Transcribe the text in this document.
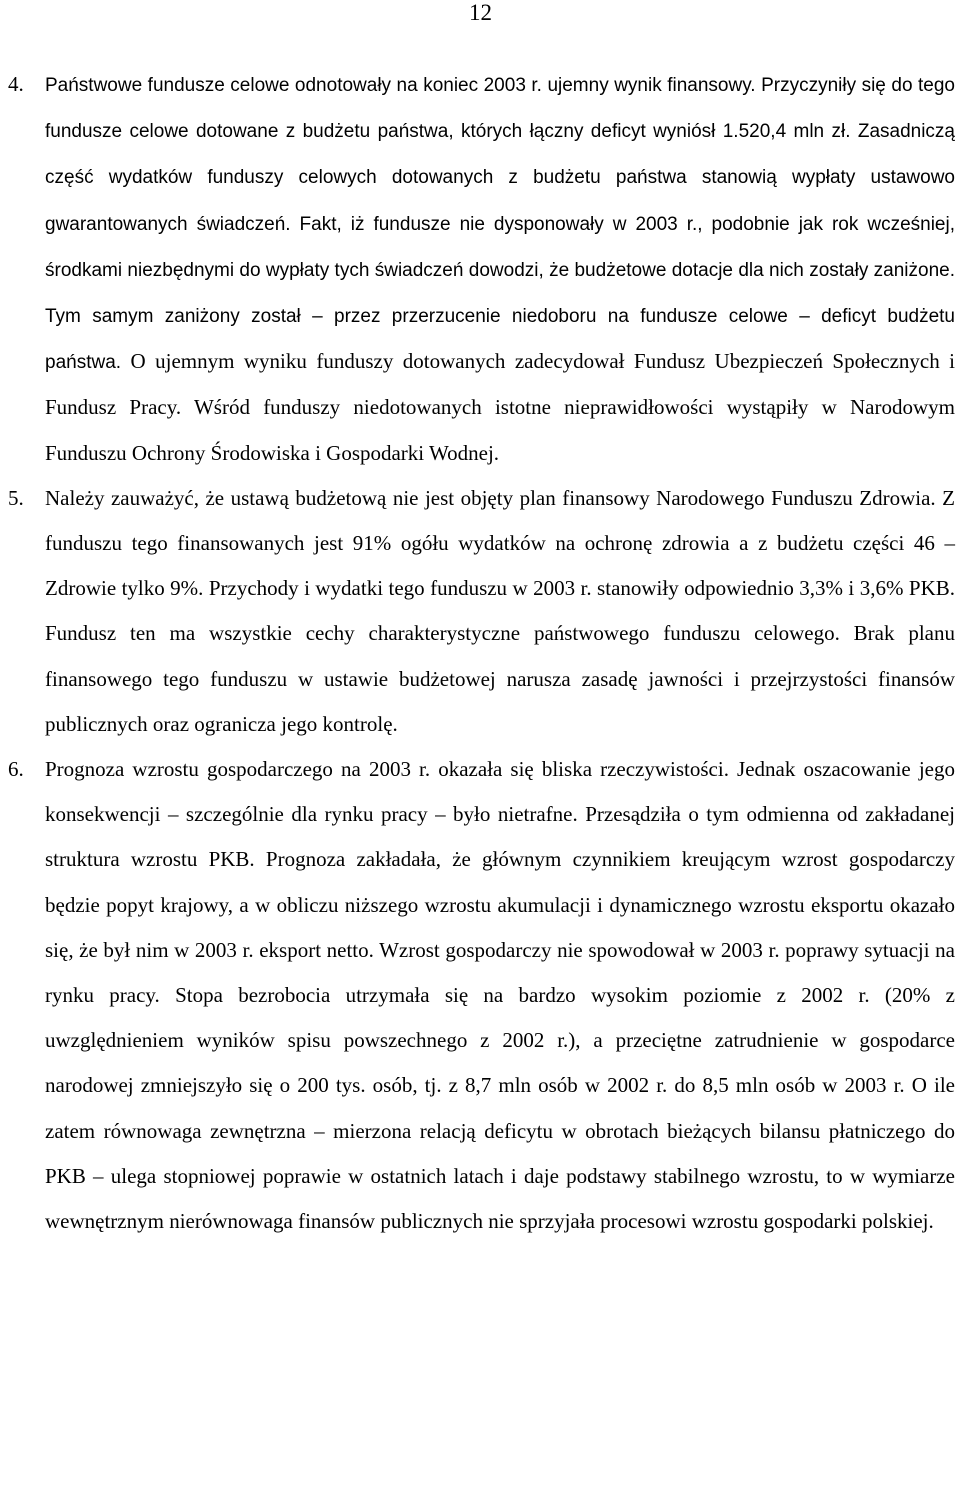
12
4. Państwowe fundusze celowe odnotowały na koniec 2003 r. ujemny wynik finansowy. Przyczyniły się do tego fundusze celowe dotowane z budżetu państwa, których łączny deficyt wyniósł 1.520,4 mln zł. Zasadniczą część wydatków funduszy celowych dotowanych z budżetu państwa stanowią wypłaty ustawowo gwarantowanych świadczeń. Fakt, iż fundusze nie dysponowały w 2003 r., podobnie jak rok wcześniej, środkami niezbędnymi do wypłaty tych świadczeń dowodzi, że budżetowe dotacje dla nich zostały zaniżone. Tym samym zaniżony został – przez przerzucenie niedoboru na fundusze celowe – deficyt budżetu państwa. O ujemnym wyniku funduszy dotowanych zadecydował Fundusz Ubezpieczeń Społecznych i Fundusz Pracy. Wśród funduszy niedotowanych istotne nieprawidłowości wystąpiły w Narodowym Funduszu Ochrony Środowiska i Gospodarki Wodnej.
5. Należy zauważyć, że ustawą budżetową nie jest objęty plan finansowy Narodowego Funduszu Zdrowia. Z funduszu tego finansowanych jest 91% ogółu wydatków na ochronę zdrowia a z budżetu części 46 – Zdrowie tylko 9%. Przychody i wydatki tego funduszu w 2003 r. stanowiły odpowiednio 3,3% i 3,6% PKB. Fundusz ten ma wszystkie cechy charakterystyczne państwowego funduszu celowego. Brak planu finansowego tego funduszu w ustawie budżetowej narusza zasadę jawności i przejrzystości finansów publicznych oraz ogranicza jego kontrolę.
6. Prognoza wzrostu gospodarczego na 2003 r. okazała się bliska rzeczywistości. Jednak oszacowanie jego konsekwencji – szczególnie dla rynku pracy – było nietrafne. Przesądziła o tym odmienna od zakładanej struktura wzrostu PKB. Prognoza zakładała, że głównym czynnikiem kreującym wzrost gospodarczy będzie popyt krajowy, a w obliczu niższego wzrostu akumulacji i dynamicznego wzrostu eksportu okazało się, że był nim w 2003 r. eksport netto. Wzrost gospodarczy nie spowodował w 2003 r. poprawy sytuacji na rynku pracy. Stopa bezrobocia utrzymała się na bardzo wysokim poziomie z 2002 r. (20% z uwzględnieniem wyników spisu powszechnego z 2002 r.), a przeciętne zatrudnienie w gospodarce narodowej zmniejszyło się o 200 tys. osób, tj. z 8,7 mln osób w 2002 r. do 8,5 mln osób w 2003 r. O ile zatem równowaga zewnętrzna – mierzona relacją deficytu w obrotach bieżących bilansu płatniczego do PKB – ulega stopniowej poprawie w ostatnich latach i daje podstawy stabilnego wzrostu, to w wymiarze wewnętrznym nierównowaga finansów publicznych nie sprzyjała procesowi wzrostu gospodarki polskiej.
